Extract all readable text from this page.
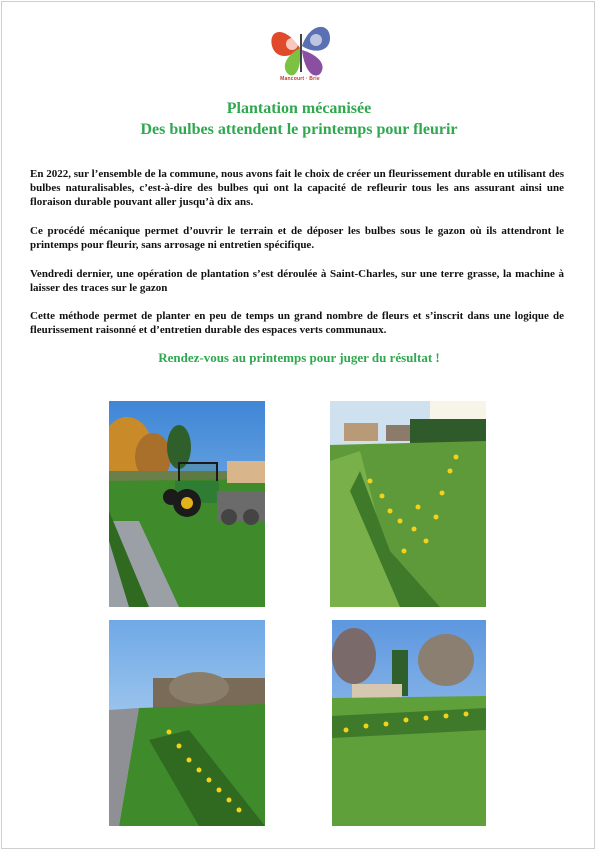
Mancourt · Brie
Plantation mécanisée
Des bulbes attendent le printemps pour fleurir

En 2022, sur l’ensemble de la commune, nous avons fait le choix de créer un fleurissement durable en utilisant des bulbes naturalisables, c’est-à-dire des bulbes qui ont la capacité de refleurir tous les ans assurant ainsi une floraison durable pouvant aller jusqu’à dix ans.

Ce procédé mécanique permet d’ouvrir le terrain et de déposer les bulbes sous le gazon où ils attendront le printemps pour fleurir, sans arrosage ni entretien spécifique.

Vendredi dernier, une opération de plantation s’est déroulée à Saint-Charles, sur une terre grasse, la machine à laisser des traces sur le gazon

Cette méthode permet de planter en peu de temps un grand nombre de fleurs et s’inscrit dans une logique de fleurissement raisonné et d’entretien durable des espaces verts communaux.

Rendez-vous au printemps pour juger du résultat !
